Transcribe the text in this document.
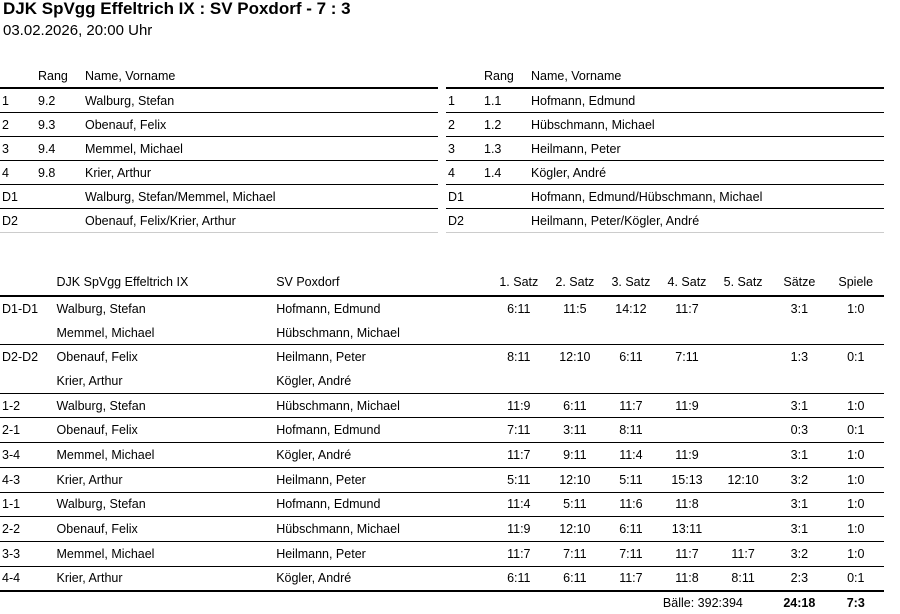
DJK SpVgg Effeltrich IX : SV Poxdorf - 7 : 3
03.02.2026, 20:00 Uhr
	Rang	Name, Vorname
1	9.2	Walburg, Stefan
2	9.3	Obenauf, Felix
3	9.4	Memmel, Michael
4	9.8	Krier, Arthur
D1		Walburg, Stefan/Memmel, Michael
D2		Obenauf, Felix/Krier, Arthur
	Rang	Name, Vorname
1	1.1	Hofmann, Edmund
2	1.2	Hübschmann, Michael
3	1.3	Heilmann, Peter
4	1.4	Kögler, André
D1		Hofmann, Edmund/Hübschmann, Michael
D2		Heilmann, Peter/Kögler, André
	DJK SpVgg Effeltrich IX	SV Poxdorf	1. Satz	2. Satz	3. Satz	4. Satz	5. Satz	Sätze	Spiele
D1-D1	Walburg, Stefan	Hofmann, Edmund	6:11	11:5	14:12	11:7		3:1	1:0
	Memmel, Michael	Hübschmann, Michael							
D2-D2	Obenauf, Felix	Heilmann, Peter	8:11	12:10	6:11	7:11		1:3	0:1
	Krier, Arthur	Kögler, André							
1-2	Walburg, Stefan	Hübschmann, Michael	11:9	6:11	11:7	11:9		3:1	1:0
2-1	Obenauf, Felix	Hofmann, Edmund	7:11	3:11	8:11			0:3	0:1
3-4	Memmel, Michael	Kögler, André	11:7	9:11	11:4	11:9		3:1	1:0
4-3	Krier, Arthur	Heilmann, Peter	5:11	12:10	5:11	15:13	12:10	3:2	1:0
1-1	Walburg, Stefan	Hofmann, Edmund	11:4	5:11	11:6	11:8		3:1	1:0
2-2	Obenauf, Felix	Hübschmann, Michael	11:9	12:10	6:11	13:11		3:1	1:0
3-3	Memmel, Michael	Heilmann, Peter	11:7	7:11	7:11	11:7	11:7	3:2	1:0
4-4	Krier, Arthur	Kögler, André	6:11	6:11	11:7	11:8	8:11	2:3	0:1
						Bälle: 392:394		24:18	7:3
